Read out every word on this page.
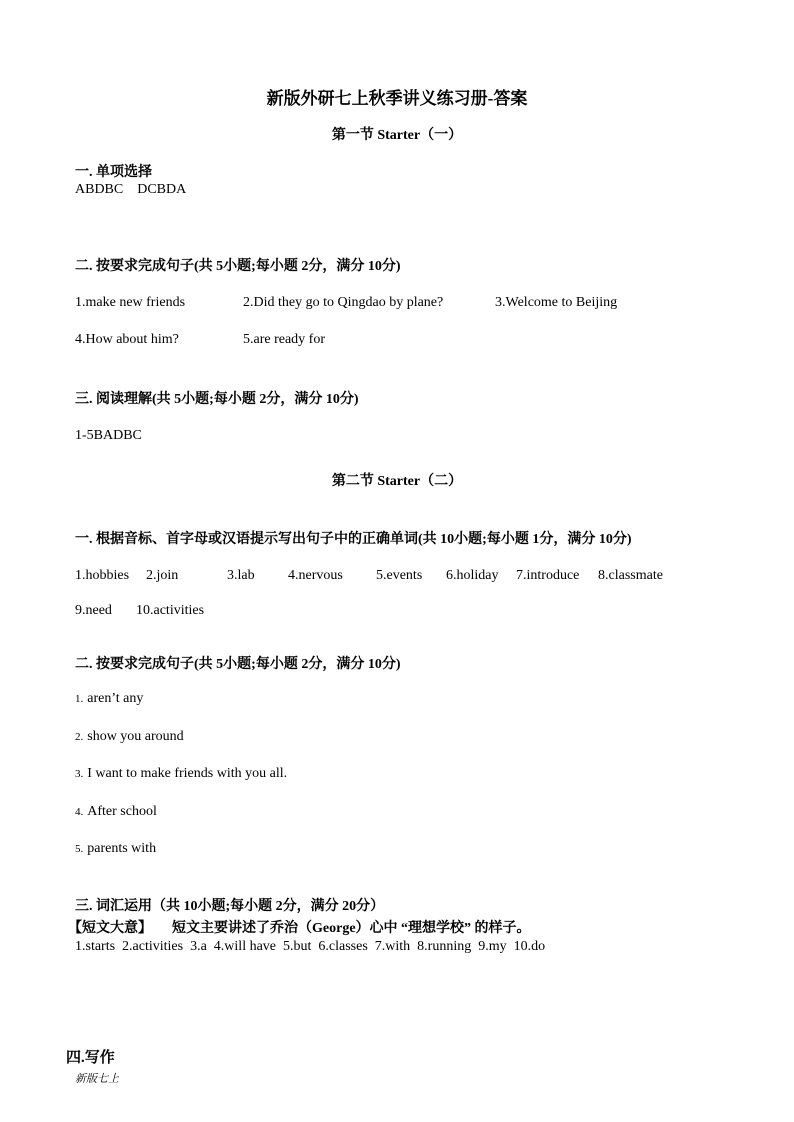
新版外研七上秋季讲义练习册-答案
第一节 Starter（一）
一. 单项选择
ABDBC    DCBDA
二. 按要求完成句子(共 5小题;每小题 2分，满分 10分)
1.make new friends	2.Did they go to Qingdao by plane?	3.Welcome to Beijing
4.How about him?	5.are ready for
三. 阅读理解(共 5小题;每小题 2分，满分 10分)
1-5BADBC
第二节 Starter（二）
一. 根据音标、首字母或汉语提示写出句子中的正确单词(共 10小题;每小题 1分，满分 10分)
1.hobbies 2.join	3.lab 4.nervous 5.events 6.holiday 7.introduce 8.classmate
9.need 10.activities
二. 按要求完成句子(共 5小题;每小题 2分，满分 10分)
1. aren’t any
2. show you around
3. I want to make friends with you all.
4. After school
5. parents with
三. 词汇运用（共 10小题;每小题 2分，满分 20分）
【短文大意】 短文主要讲述了乔治（George）心中 “理想学校” 的样子。
1.starts  2.activities  3.a  4.will have  5.but  6.classes  7.with  8.running  9.my  10.do
四.写作
新版七上
